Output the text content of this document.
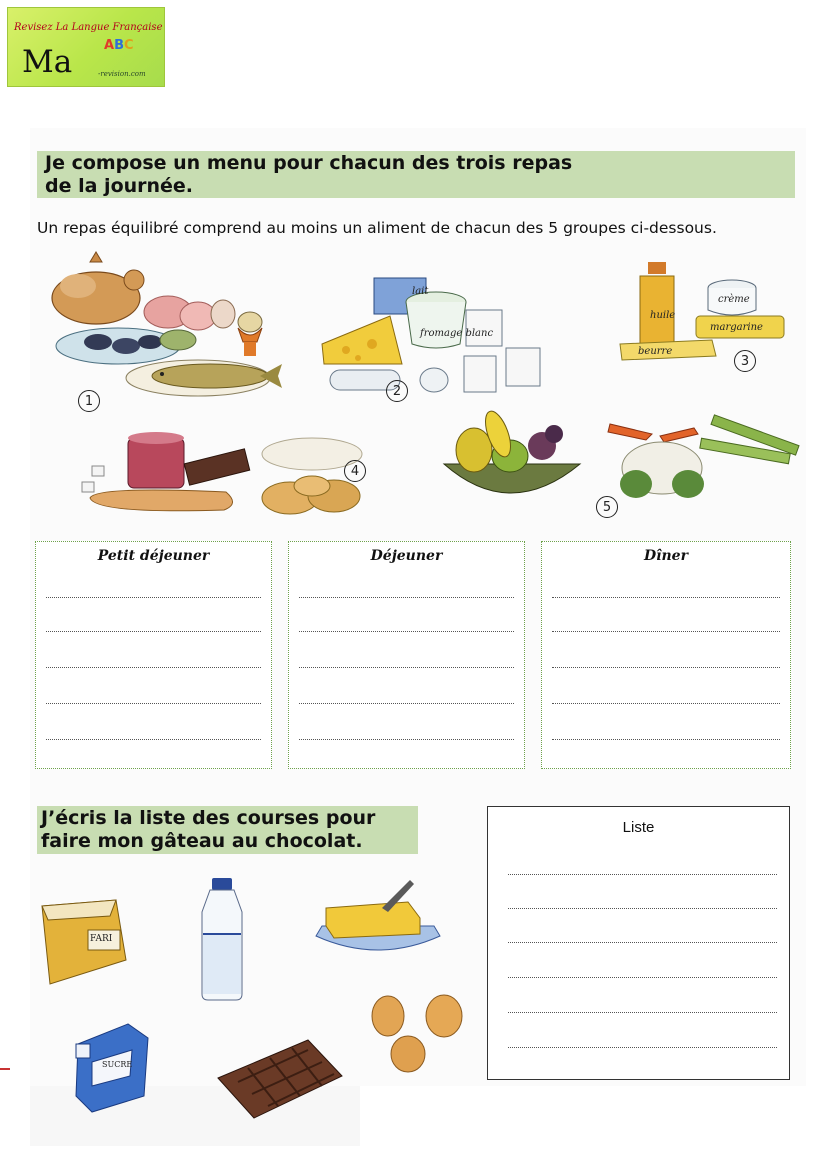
Revisez La Langue Française
Ma ABC
-revision.com
Je compose un menu pour chacun des trois repas
de la journée.
Un repas équilibré comprend au moins un aliment de chacun des 5 groupes ci-dessous.
1
lait
fromage blanc
2
huile
beurre
crème
margarine
3
4
5
Petit déjeuner	Déjeuner	Dîner
J’écris la liste des courses pour
faire mon gâteau au chocolat.
FARI
SUCRE
Liste
